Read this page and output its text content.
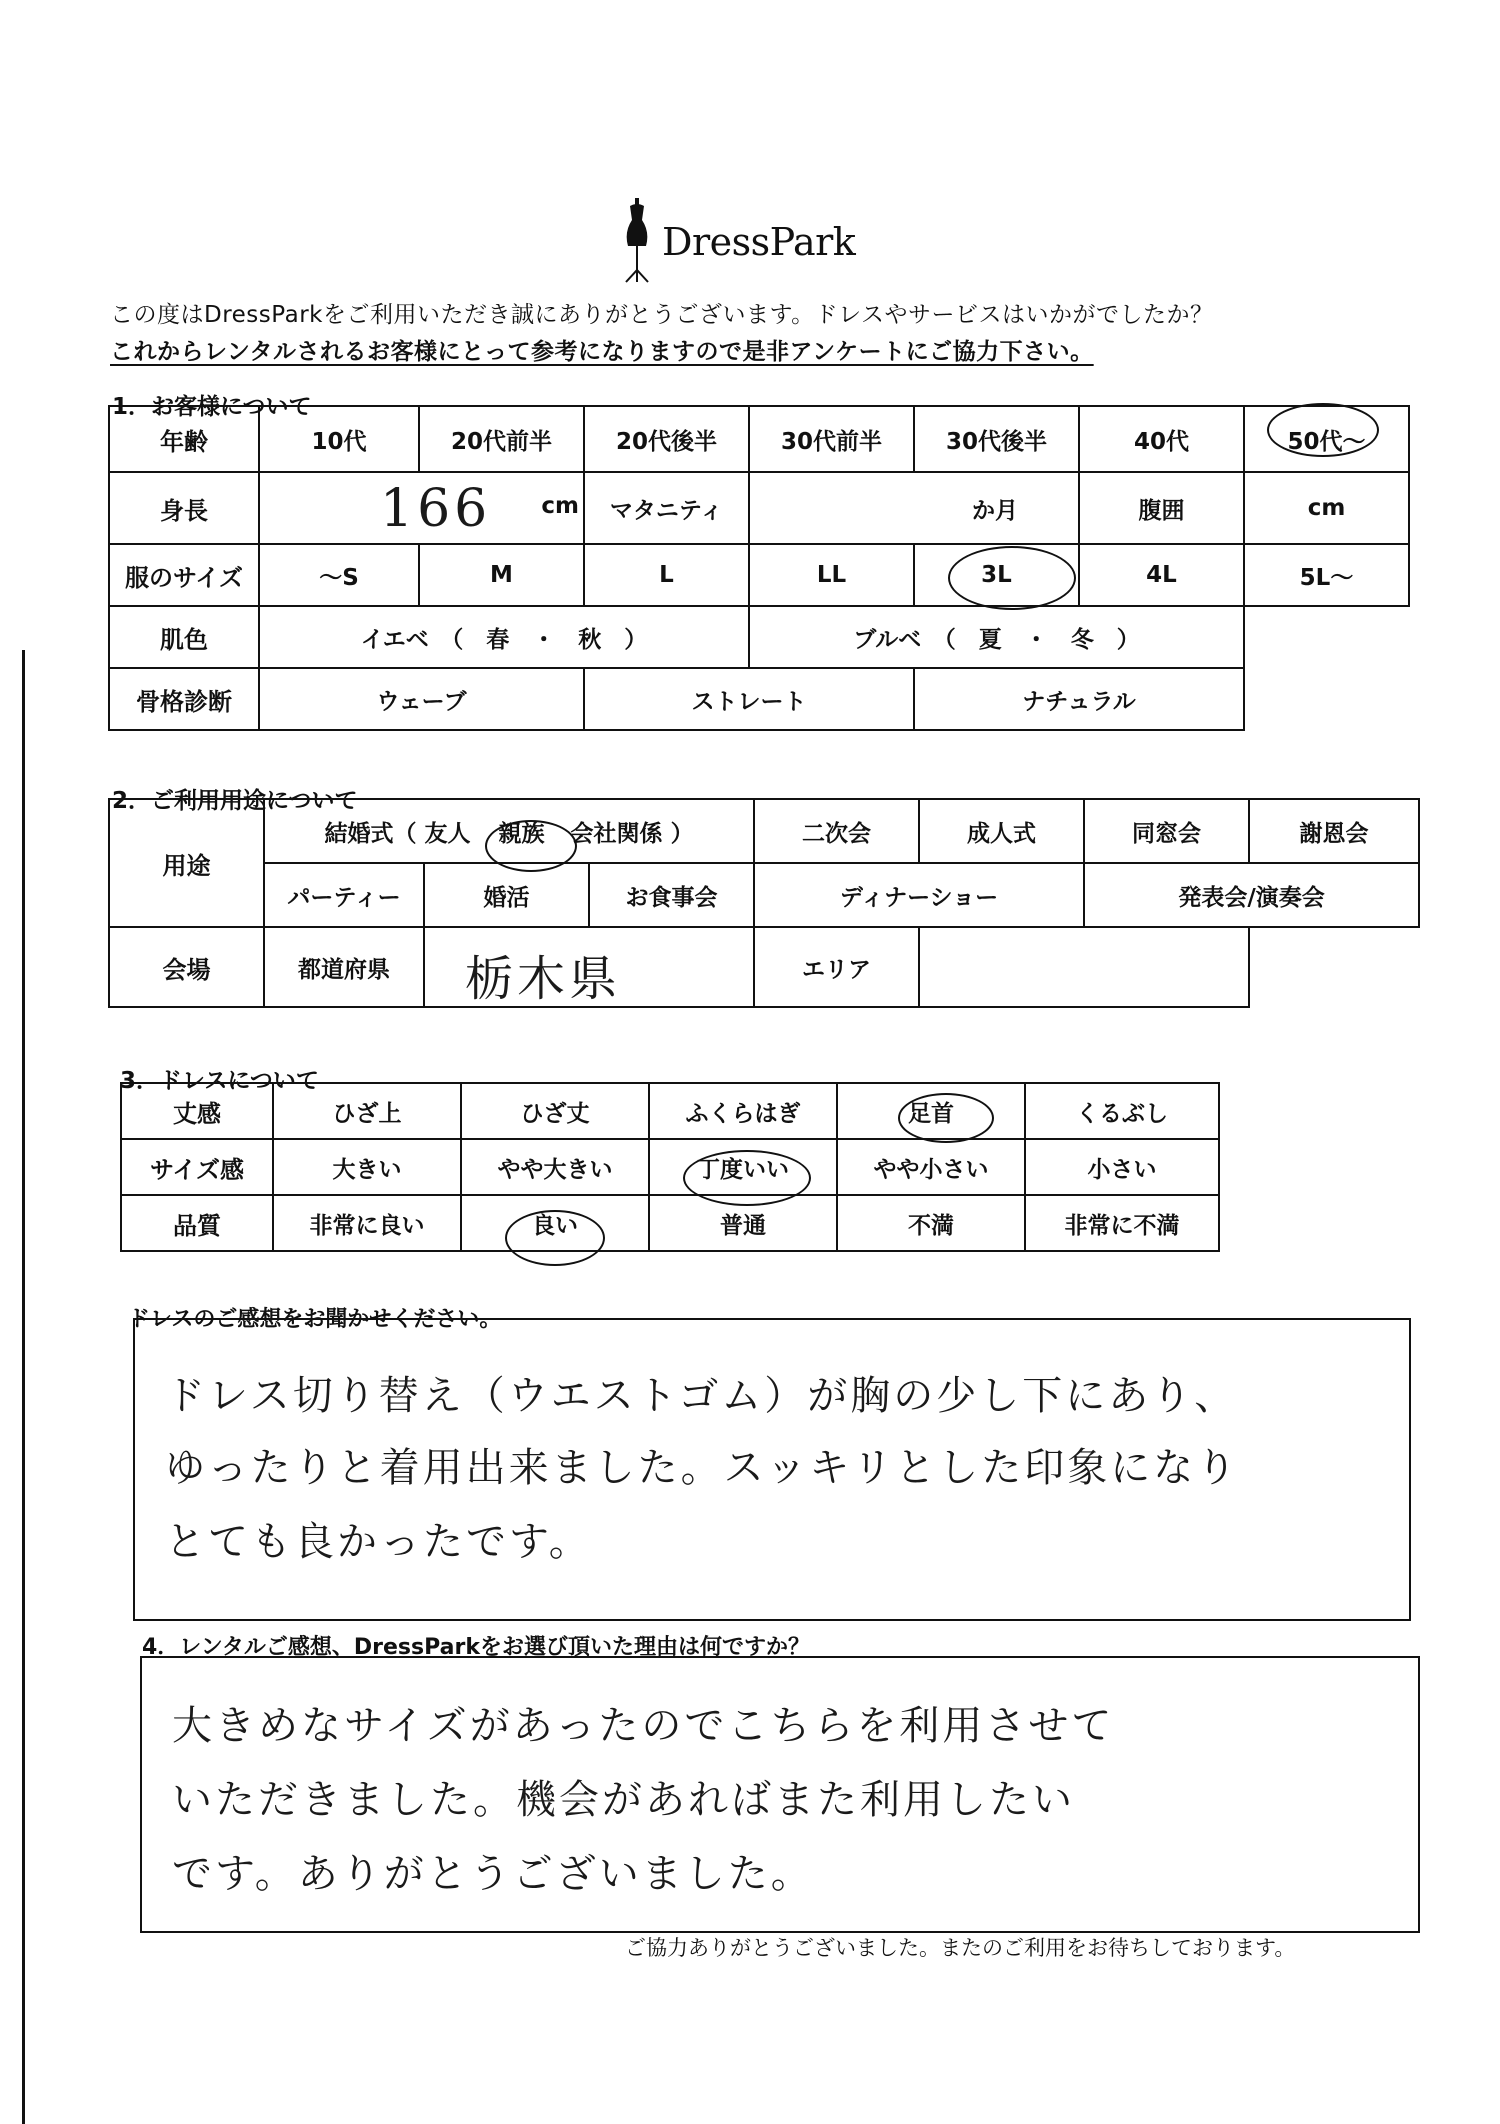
DressPark
この度はDressParkをご利用いただき誠にありがとうございます。ドレスやサービスはいかがでしたか？
これからレンタルされるお客様にとって参考になりますので是非アンケートにご協力下さい。
1．お客様について
年齢	10代	20代前半	20代後半	30代前半	30代後半	40代	50代～
身長	166 cm		マタニティ	か月		腹囲	cm
服のサイズ	～S	M	L	LL	3L	4L	5L～
肌色	イエベ　（　春　・　秋　）			ブルベ　（　夏　・　冬　）			
骨格診断	ウェーブ		ストレート		ナチュラル		
2．ご利用用途について
用途	結婚式（ 友人 親族 会社関係 ）			二次会	成人式	同窓会	謝恩会
	パーティー	婚活	お食事会	ディナーショー		発表会/演奏会	
会場	都道府県	栃木県		エリア			
3．ドレスについて
丈感	ひざ上	ひざ丈	ふくらはぎ	足首	くるぶし
サイズ感	大きい	やや大きい	丁度いい	やや小さい	小さい
品質	非常に良い	良い	普通	不満	非常に不満
ドレスのご感想をお聞かせください。
ドレス切り替え（ウエストゴム）が胸の少し下にあり、
ゆったりと着用出来ました。スッキリとした印象になり
とても良かったです。
4．レンタルご感想、DressParkをお選び頂いた理由は何ですか？
大きめなサイズがあったのでこちらを利用させて
いただきました。機会があればまた利用したい
です。ありがとうございました。
ご協力ありがとうございました。またのご利用をお待ちしております。
